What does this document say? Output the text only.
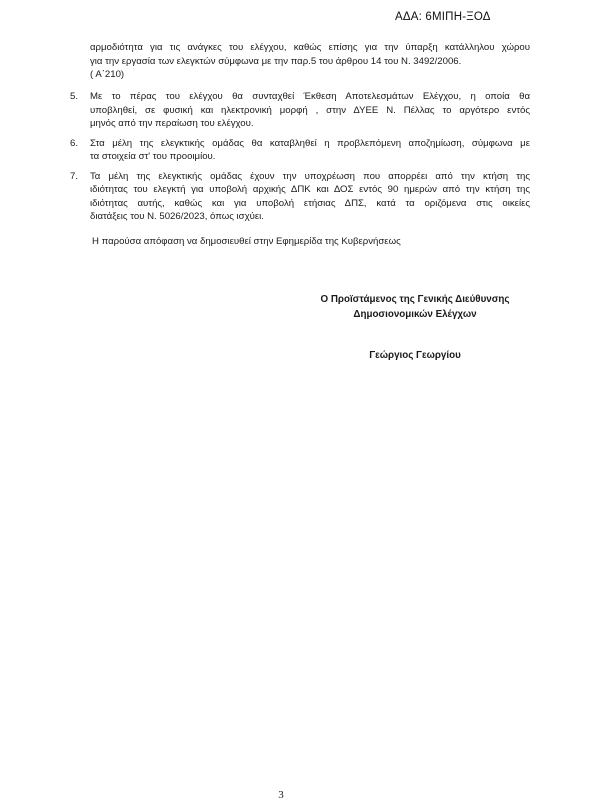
ΑΔΑ: 6ΜΙΠΗ-ΞΟΔ
αρμοδιότητα για τις ανάγκες του ελέγχου, καθώς επίσης για την ύπαρξη κατάλληλου χώρου
για την εργασία των ελεγκτών σύμφωνα με την παρ.5 του άρθρου 14 του Ν. 3492/2006.
( Α΄210)
5. Με το πέρας του ελέγχου θα συνταχθεί Έκθεση Αποτελεσμάτων Ελέγχου, η οποία θα
υποβληθεί, σε φυσική και ηλεκτρονική μορφή , στην ΔΥΕΕ Ν. Πέλλας το αργότερο εντός
μηνός από την περαίωση του ελέγχου.
6. Στα μέλη της ελεγκτικής ομάδας θα καταβληθεί η προβλεπόμενη αποζημίωση, σύμφωνα με
τα στοιχεία στ' του προοιμίου.
7. Τα μέλη της ελεγκτικής ομάδας έχουν την υποχρέωση που απορρέει από την κτήση της
ιδιότητας του ελεγκτή για υποβολή αρχικής ΔΠΚ και ΔΟΣ εντός 90 ημερών από την κτήση της
ιδιότητας αυτής, καθώς και για υποβολή ετήσιας ΔΠΣ, κατά τα οριζόμενα στις οικείες
διατάξεις του Ν. 5026/2023, όπως ισχύει.
Η παρούσα απόφαση να δημοσιευθεί στην Εφημερίδα της Κυβερνήσεως
Ο Προϊστάμενος της Γενικής Διεύθυνσης
Δημοσιονομικών Ελέγχων
Γεώργιος Γεωργίου
3
